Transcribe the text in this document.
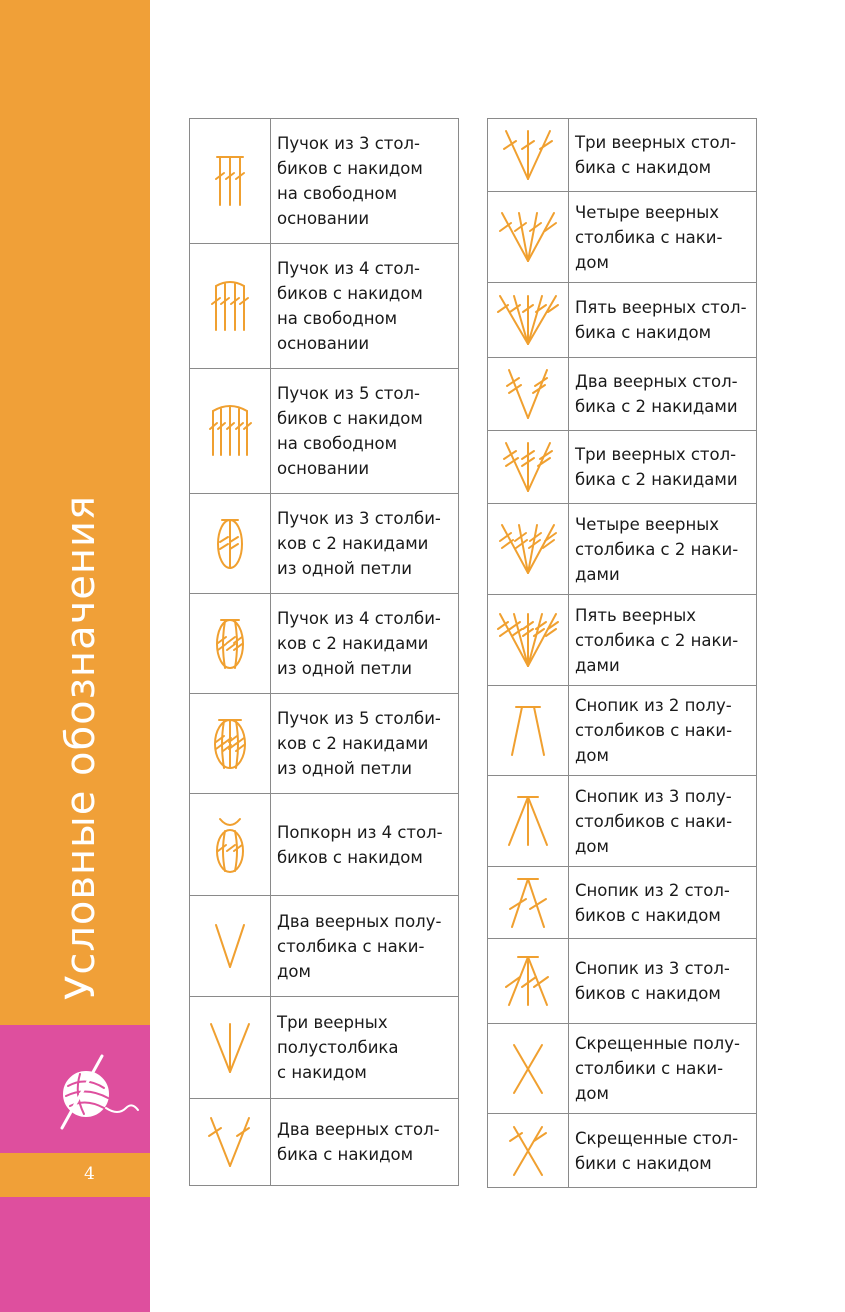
Условные обозначения
4
	Пучок из 3 стол-
биков с накидом
на свободном
основании

	Пучок из 4 стол-
биков с накидом
на свободном
основании

	Пучок из 5 стол-
биков с накидом
на свободном
основании

	Пучок из 3 столби-
ков с 2 накидами
из одной петли

	Пучок из 4 столби-
ков с 2 накидами
из одной петли

	Пучок из 5 столби-
ков с 2 накидами
из одной петли

	Попкорн из 4 стол-
биков с накидом

	Два веерных полу-
столбика с наки-
дом

	Три веерных
полустолбика
с накидом

	Два веерных стол-
бика с накидом
	Три веерных стол-
бика с накидом

	Четыре веерных
столбика с наки-
дом

	Пять веерных стол-
бика с накидом

	Два веерных стол-
бика с 2 накидами

	Три веерных стол-
бика с 2 накидами

	Четыре веерных
столбика с 2 наки-
дами

	Пять веерных
столбика с 2 наки-
дами

	Снопик из 2 полу-
столбиков с наки-
дом

	Снопик из 3 полу-
столбиков с наки-
дом

	Снопик из 2 стол-
биков с накидом

	Снопик из 3 стол-
биков с накидом

	Скрещенные полу-
столбики с наки-
дом

	Скрещенные стол-
бики с накидом
